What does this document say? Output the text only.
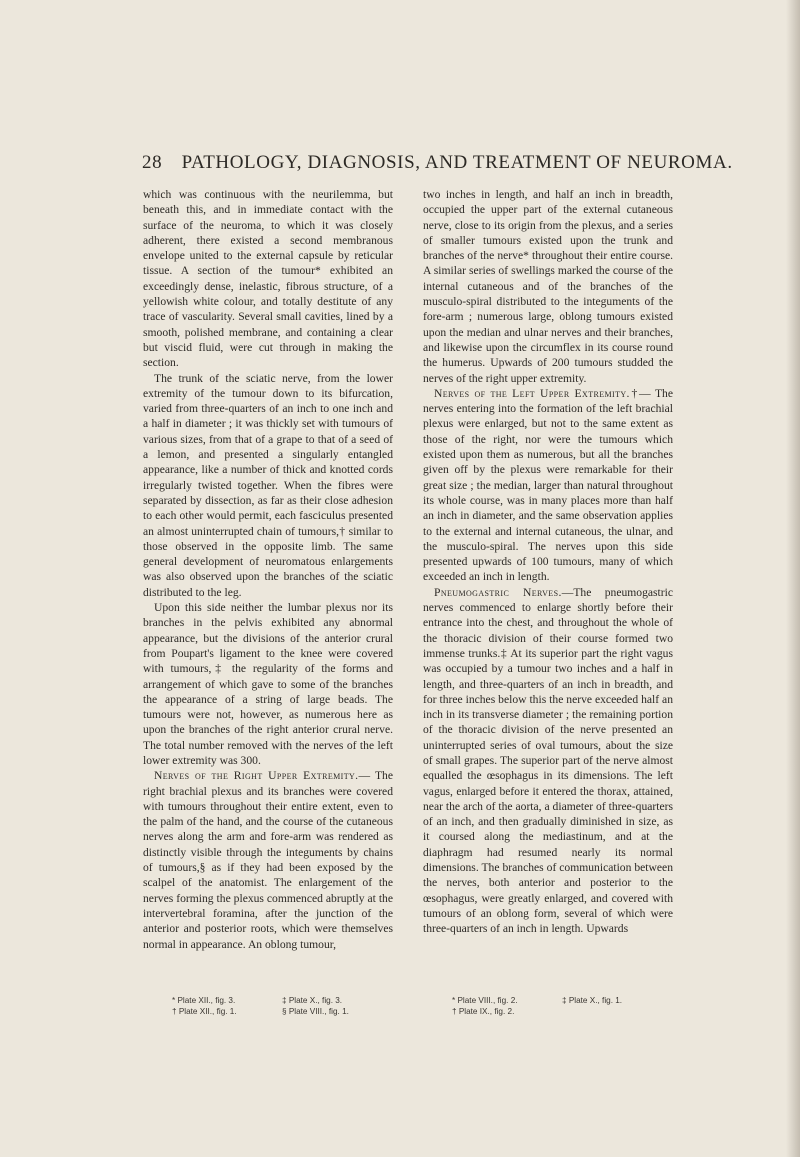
28 PATHOLOGY, DIAGNOSIS, AND TREATMENT OF NEUROMA.

which was continuous with the neurilemma, but beneath this, and in immediate contact with the surface of the neuroma, to which it was closely adherent, there existed a second membranous envelope united to the external capsule by reticular tissue. A section of the tumour* exhibited an exceedingly dense, inelastic, fibrous structure, of a yellowish white colour, and totally destitute of any trace of vascularity. Several small cavities, lined by a smooth, polished membrane, and containing a clear but viscid fluid, were cut through in making the section.

The trunk of the sciatic nerve, from the lower extremity of the tumour down to its bifurcation, varied from three-quarters of an inch to one inch and a half in diameter ; it was thickly set with tumours of various sizes, from that of a grape to that of a seed of a lemon, and presented a singularly entangled appearance, like a number of thick and knotted cords irregularly twisted together. When the fibres were separated by dissection, as far as their close adhesion to each other would permit, each fasciculus presented an almost uninterrupted chain of tumours,† similar to those observed in the opposite limb. The same general development of neuromatous enlargements was also observed upon the branches of the sciatic distributed to the leg.

Upon this side neither the lumbar plexus nor its branches in the pelvis exhibited any abnormal appearance, but the divisions of the anterior crural from Poupart's ligament to the knee were covered with tumours,‡ the regularity of the forms and arrangement of which gave to some of the branches the appearance of a string of large beads. The tumours were not, however, as numerous here as upon the branches of the right anterior crural nerve. The total number removed with the nerves of the left lower extremity was 300.

Nerves of the Right Upper Extremity.— The right brachial plexus and its branches were covered with tumours throughout their entire extent, even to the palm of the hand, and the course of the cutaneous nerves along the arm and fore-arm was rendered as distinctly visible through the integuments by chains of tumours,§ as if they had been exposed by the scalpel of the anatomist. The enlargement of the nerves forming the plexus commenced abruptly at the intervertebral foramina, after the junction of the anterior and posterior roots, which were themselves normal in appearance. An oblong tumour,

two inches in length, and half an inch in breadth, occupied the upper part of the external cutaneous nerve, close to its origin from the plexus, and a series of smaller tumours existed upon the trunk and branches of the nerve* throughout their entire course. A similar series of swellings marked the course of the internal cutaneous and of the branches of the musculo-spiral distributed to the integuments of the fore-arm ; numerous large, oblong tumours existed upon the median and ulnar nerves and their branches, and likewise upon the circumflex in its course round the humerus. Upwards of 200 tumours studded the nerves of the right upper extremity.

Nerves of the Left Upper Extremity.†— The nerves entering into the formation of the left brachial plexus were enlarged, but not to the same extent as those of the right, nor were the tumours which existed upon them as numerous, but all the branches given off by the plexus were remarkable for their great size ; the median, larger than natural throughout its whole course, was in many places more than half an inch in diameter, and the same observation applies to the external and internal cutaneous, the ulnar, and the musculo-spiral. The nerves upon this side presented upwards of 100 tumours, many of which exceeded an inch in length.

Pneumogastric Nerves.—The pneumogastric nerves commenced to enlarge shortly before their entrance into the chest, and throughout the whole of the thoracic division of their course formed two immense trunks.‡ At its superior part the right vagus was occupied by a tumour two inches and a half in length, and three-quarters of an inch in breadth, and for three inches below this the nerve exceeded half an inch in its transverse diameter ; the remaining portion of the thoracic division of the nerve presented an uninterrupted series of oval tumours, about the size of small grapes. The superior part of the nerve almost equalled the œsophagus in its dimensions. The left vagus, enlarged before it entered the thorax, attained, near the arch of the aorta, a diameter of three-quarters of an inch, and then gradually diminished in size, as it coursed along the mediastinum, and at the diaphragm had resumed nearly its normal dimensions. The branches of communication between the nerves, both anterior and posterior to the œsophagus, were greatly enlarged, and covered with tumours of an oblong form, several of which were three-quarters of an inch in length. Upwards

* Plate XII., fig. 3.	‡ Plate X., fig. 3.
† Plate XII., fig. 1.	§ Plate VIII., fig. 1.
* Plate VIII., fig. 2.	‡ Plate X., fig. 1.
† Plate IX., fig. 2.
